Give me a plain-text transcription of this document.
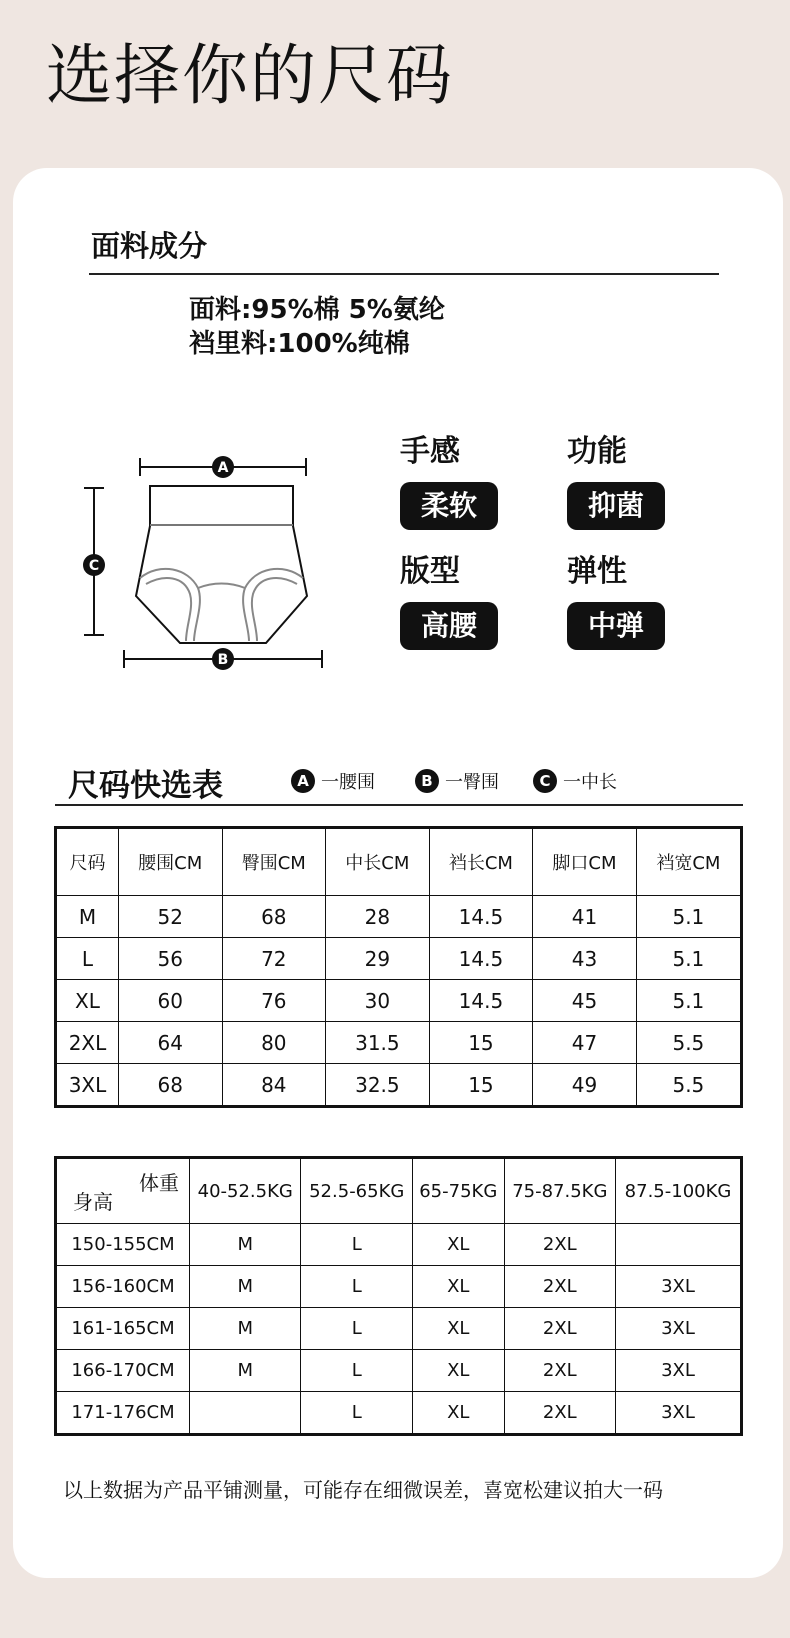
选择你的尺码
面料成分
面料:95%棉 5%氨纶
裆里料:100%纯棉
A
C
B
手感
柔软
功能
抑菌
版型
高腰
弹性
中弹
尺码快选表	A 一腰围	B 一臀围	C 一中长
尺码	腰围CM	臀围CM	中长CM	裆长CM	脚口CM	裆宽CM
M	52	68	28	14.5	41	5.1
L	56	72	29	14.5	43	5.1
XL	60	76	30	14.5	45	5.1
2XL	64	80	31.5	15	47	5.5
3XL	68	84	32.5	15	49	5.5
体重
身高	40-52.5KG	52.5-65KG	65-75KG	75-87.5KG	87.5-100KG
150-155CM	M	L	XL	2XL	
156-160CM	M	L	XL	2XL	3XL
161-165CM	M	L	XL	2XL	3XL
166-170CM	M	L	XL	2XL	3XL
171-176CM		L	XL	2XL	3XL

以上数据为产品平铺测量，可能存在细微误差，喜宽松建议拍大一码
